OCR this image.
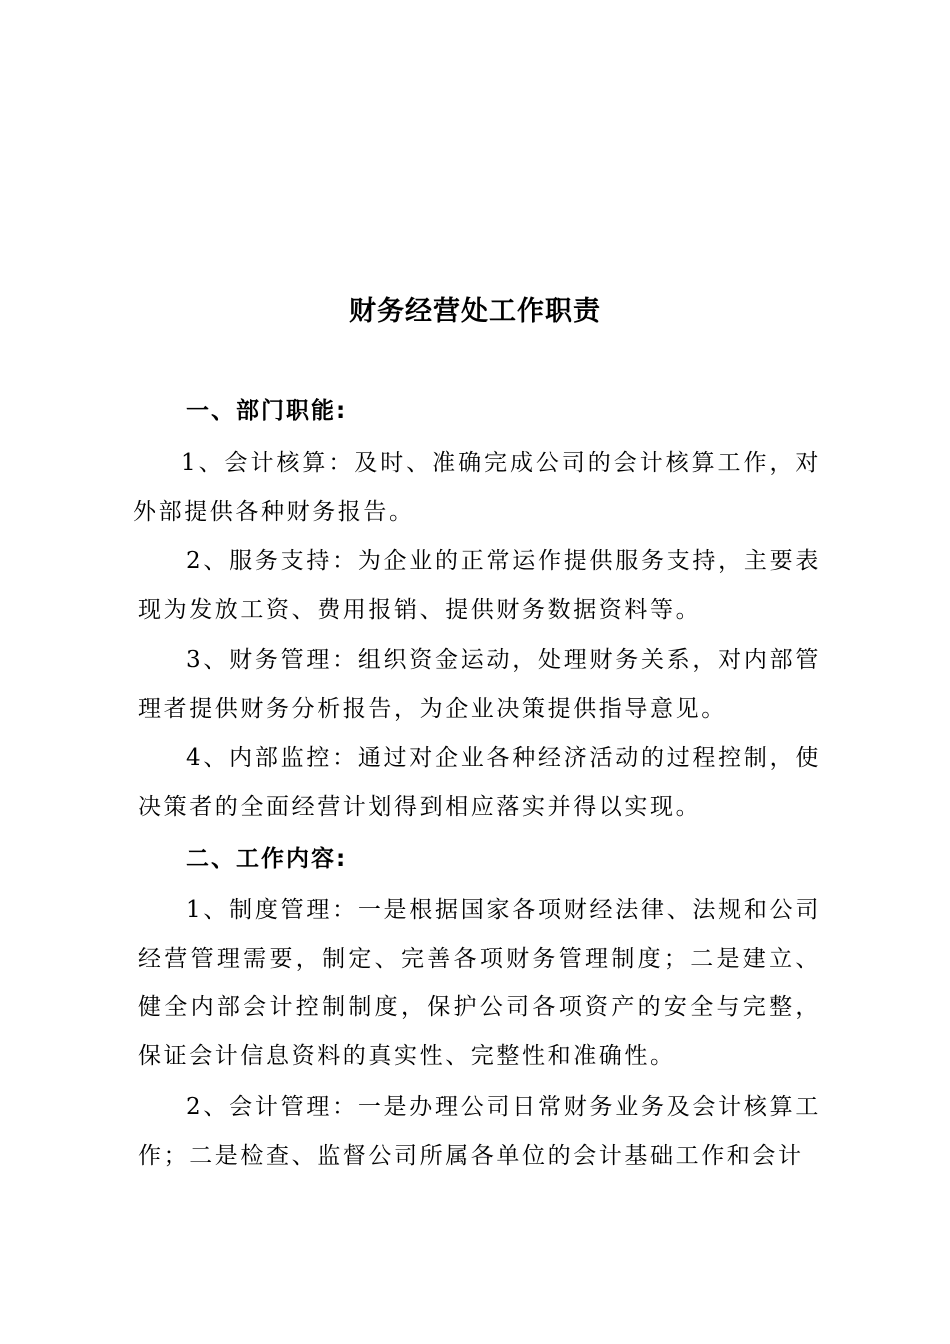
财务经营处工作职责
一、部门职能:
1、会计核算：及时、准确完成公司的会计核算工作，对外部提供各种财务报告。
2、服务支持：为企业的正常运作提供服务支持，主要表现为发放工资、费用报销、提供财务数据资料等。
3、财务管理：组织资金运动，处理财务关系，对内部管理者提供财务分析报告，为企业决策提供指导意见。
4、内部监控：通过对企业各种经济活动的过程控制，使决策者的全面经营计划得到相应落实并得以实现。
二、工作内容:
1、制度管理：一是根据国家各项财经法律、法规和公司经营管理需要，制定、完善各项财务管理制度；二是建立、健全内部会计控制制度，保护公司各项资产的安全与完整，保证会计信息资料的真实性、完整性和准确性。
2、会计管理：一是办理公司日常财务业务及会计核算工作；二是检查、监督公司所属各单位的会计基础工作和会计
